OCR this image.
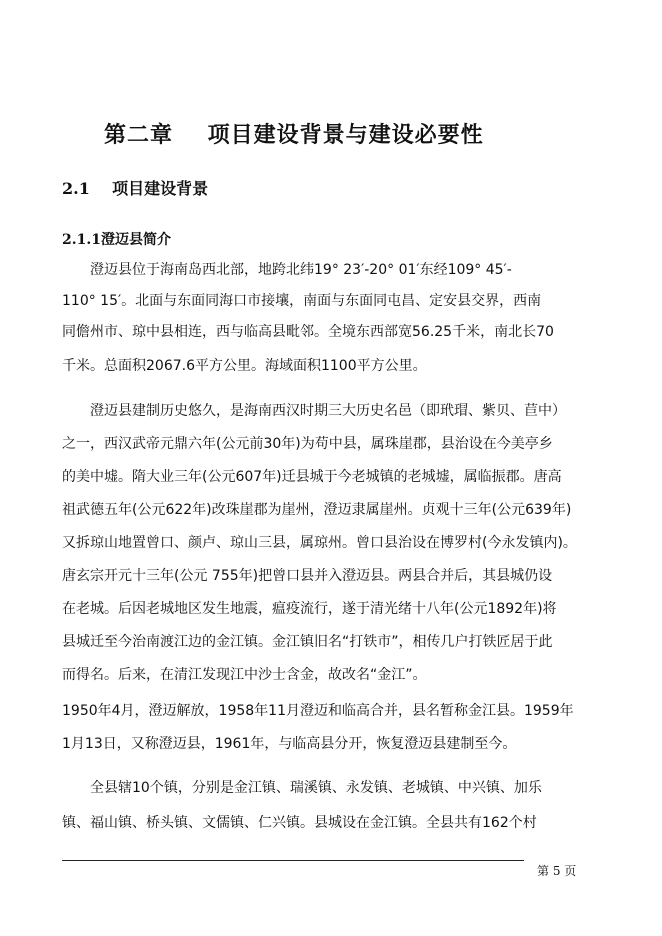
第二章    项目建设背景与建设必要性
2.1    项目建设背景
2.1.1澄迈县简介
澄迈县位于海南岛西北部，地跨北纬19° 23′-20° 01′东经109° 45′-
110° 15′。北面与东面同海口市接壤，南面与东面同屯昌、定安县交界，西南
同儋州市、琼中县相连，西与临高县毗邻。全境东西部宽56.25千米，南北长70
千米。总面积2067.6平方公里。海域面积1100平方公里。
澄迈县建制历史悠久，是海南西汉时期三大历史名邑（即玳瑁、紫贝、苣中）
之一，西汉武帝元鼎六年(公元前30年)为苟中县，属珠崖郡，县治设在今美亭乡
的美中墟。隋大业三年(公元607年)迁县城于今老城镇的老城墟，属临振郡。唐高
祖武德五年(公元622年)改珠崖郡为崖州，澄迈隶属崖州。贞观十三年(公元639年)
又拆琼山地置曾口、颜卢、琼山三县，属琼州。曾口县治设在博罗村(今永发镇内)。
唐玄宗开元十三年(公元 755年)把曾口县并入澄迈县。两县合并后，其县城仍设
在老城。后因老城地区发生地震，瘟疫流行，遂于清光绪十八年(公元1892年)将
县城迁至今治南渡江边的金江镇。金江镇旧名“打铁市”，相传几户打铁匠居于此
而得名。后来，在清江发现江中沙士含金，故改名“金江”。
1950年4月，澄迈解放，1958年11月澄迈和临高合并，县名暂称金江县。1959年
1月13日，又称澄迈县，1961年，与临高县分开，恢复澄迈县建制至今。
全县辖10个镇，分别是金江镇、瑞溪镇、永发镇、老城镇、中兴镇、加乐
镇、福山镇、桥头镇、文儒镇、仁兴镇。县城设在金江镇。全县共有162个村
第 5 页
